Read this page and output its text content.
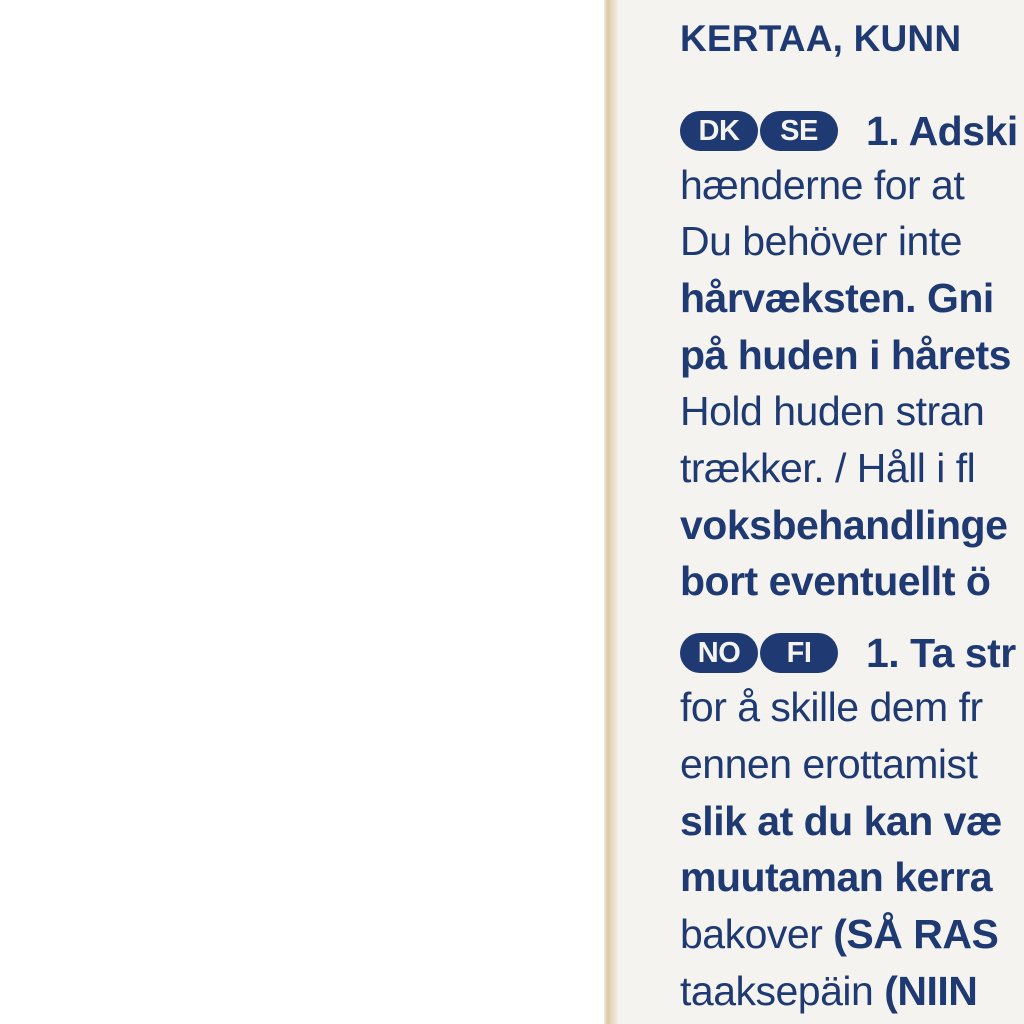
KERTAA, KUNN
DK	SE	1. Adski
hænderne for at
Du behöver inte
hårvæksten. Gni
på huden i hårets
Hold huden stran
trækker. / Håll i fl
voksbehandlinge
bort eventuellt ö
NO	FI	1. Ta str
for å skille dem fr
ennen erottamist
slik at du kan væ
muutaman kerra
bakover (SÅ RAS
taaksepäin (NIIN
